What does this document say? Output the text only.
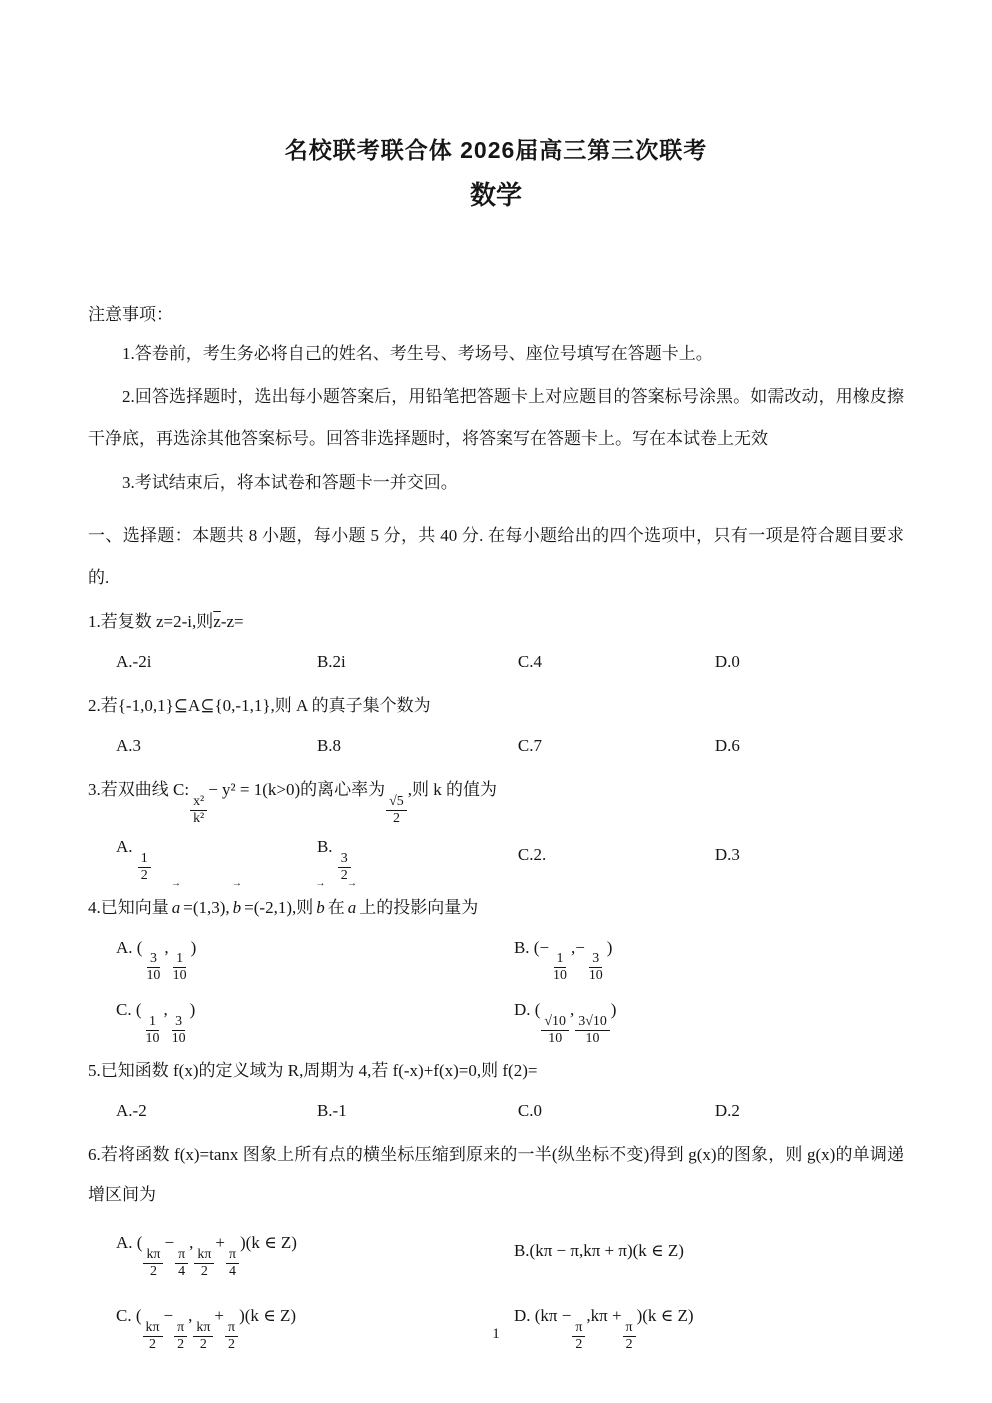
名校联考联合体 2026届高三第三次联考
数学

注意事项：

1.答卷前，考生务必将自己的姓名、考生号、考场号、座位号填写在答题卡上。

2.回答选择题时，选出每小题答案后，用铅笔把答题卡上对应题目的答案标号涂黑。如需改动，用橡皮擦干净底，再选涂其他答案标号。回答非选择题时，将答案写在答题卡上。写在本试卷上无效

3.考试结束后，将本试卷和答题卡一并交回。

一、选择题：本题共 8 小题，每小题 5 分，共 40 分. 在每小题给出的四个选项中，只有一项是符合题目要求的.

1.若复数 z=2-i,则$\overline{z}-z=$

A.-2i	B.2i	C.4	D.0

2.若{-1,0,1}⊆A⊆{0,-1,1},则 A 的真子集个数为

A.3	B.8	C.7	D.6

3.若双曲线 C:
$\frac{\text{x²}}{\text{k²}}$
− y² = 1(k>0)的离心率为
$\frac{√5}{2}$
,则 k 的值为

A.
$\frac{1}{2}$
B.
$\frac{3}{2}$	C.2.	D.3

4.已知向量 → a =(1,3), → b =(-2,1),则 → b 在 → a 上的投影向量为

A. (
$\frac{3}{10}$
,
$\frac{1}{10}$
)	B. (−
$\frac{1}{10}$
,−
$\frac{3}{10}$
)
C. (
$\frac{1}{10}$
,
$\frac{3}{10}$
)	D. (
$\frac{√10}{10}$
,
$\frac{3√10}{10}$
)

5.已知函数 f(x)的定义域为 R,周期为 4,若 f(-x)+f(x)=0,则 f(2)=

A.-2	B.-1	C.0	D.2

6.若将函数 f(x)=tanx 图象上所有点的横坐标压缩到原来的一半(纵坐标不变)得到 g(x)的图象，则 g(x)的单调递增区间为

A. (
$\frac{k\pi}{2}$
−
$\frac{\pi}{4}$
,
$\frac{k\pi}{2}$
+
$\frac{\pi}{4}$
)(k ∈ Z)	B.(kπ − π,kπ + π)(k ∈ Z)
C. (
$\frac{k\pi}{2}$
−
$\frac{\pi}{2}$
,
$\frac{k\pi}{2}$
+
$\frac{\pi}{2}$
)(k ∈ Z)	D. (kπ −
$\frac{\pi}{2}$
,kπ +
$\frac{\pi}{2}$
)(k ∈ Z)
1
